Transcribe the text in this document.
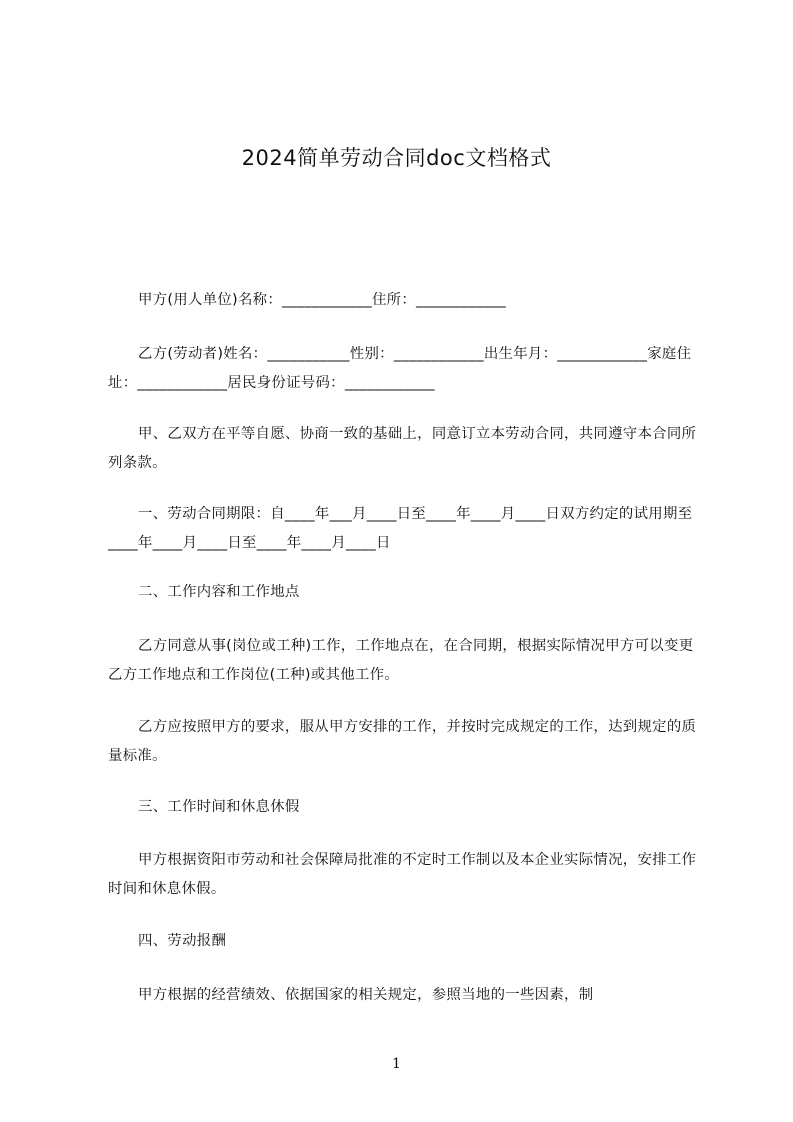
2024简单劳动合同doc文档格式
甲方(用人单位)名称：____________住所：____________
乙方(劳动者)姓名：___________性别：____________出生年月：____________家庭住址：____________居民身份证号码：____________
甲、乙双方在平等自愿、协商一致的基础上，同意订立本劳动合同，共同遵守本合同所列条款。
一、劳动合同期限：自____年___月____日至____年____月____日双方约定的试用期至____年____月____日至____年____月____日
二、工作内容和工作地点
乙方同意从事(岗位或工种)工作，工作地点在，在合同期，根据实际情况甲方可以变更乙方工作地点和工作岗位(工种)或其他工作。
乙方应按照甲方的要求，服从甲方安排的工作，并按时完成规定的工作，达到规定的质量标准。
三、工作时间和休息休假
甲方根据资阳市劳动和社会保障局批准的不定时工作制以及本企业实际情况，安排工作时间和休息休假。
四、劳动报酬
甲方根据的经营绩效、依据国家的相关规定，参照当地的一些因素，制
1
